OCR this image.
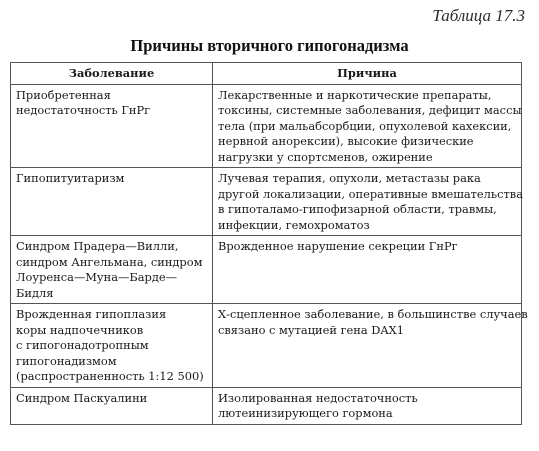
Таблица 17.3
Причины вторичного гипогонадизма
Заболевание	Причина

Приобретенная
недостаточность ГнРг	Лекарственные и наркотические препараты,
токсины, системные заболевания, дефицит массы
тела (при мальабсорбции, опухолевой кахексии,
нервной анорексии), высокие физические
нагрузки у спортсменов, ожирение

Гипопитуитаризм	Лучевая терапия, опухоли, метастазы рака
другой локализации, оперативные вмешательства
в гипоталамо-гипофизарной области, травмы,
инфекции, гемохроматоз

Синдром Прадера—Вилли,
синдром Ангельмана, синдром
Лоуренса—Муна—Барде—
Бидля	Врожденное нарушение секреции ГнРг

Врожденная гипоплазия
коры надпочечников
с гипогонадотропным
гипогонадизмом
(распространенность 1:12 500)	Х-сцепленное заболевание, в большинстве случаев
связано с мутацией гена DAX1

Синдром Паскуалини	Изолированная недостаточность
лютеинизирующего гормона
